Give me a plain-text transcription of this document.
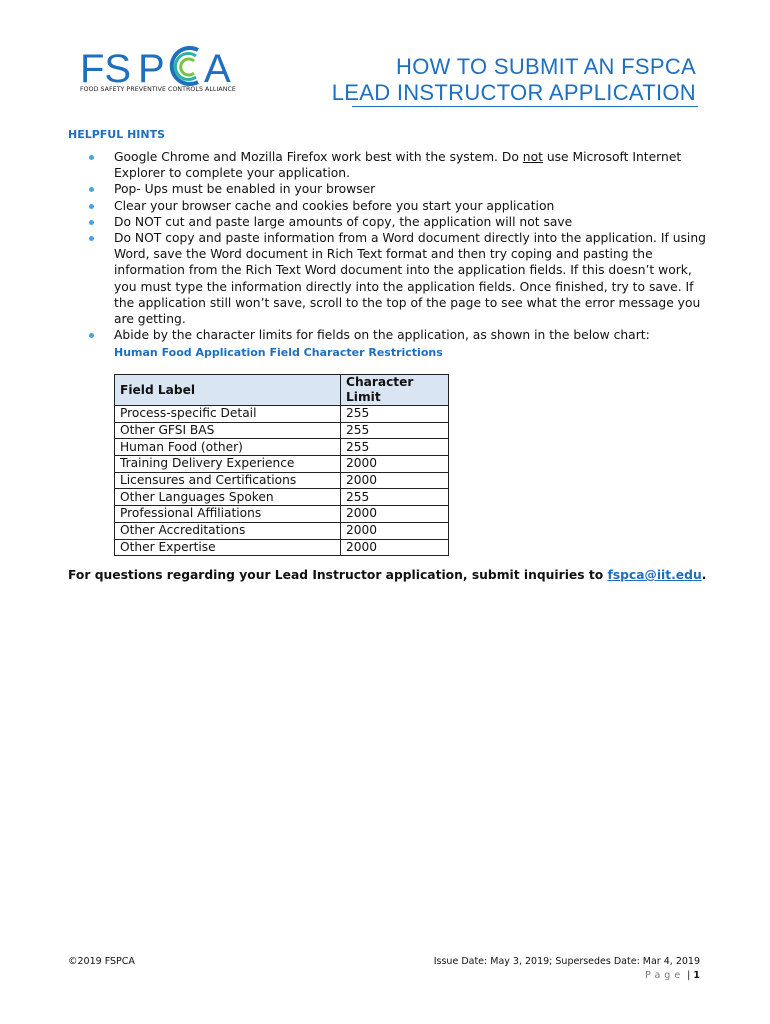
FS P A
FOOD SAFETY PREVENTIVE CONTROLS ALLIANCE
HOW TO SUBMIT AN FSPCA
LEAD INSTRUCTOR APPLICATION
HELPFUL HINTS
Google Chrome and Mozilla Firefox work best with the system. Do not use Microsoft Internet Explorer to complete your application.
Pop- Ups must be enabled in your browser
Clear your browser cache and cookies before you start your application
Do NOT cut and paste large amounts of copy, the application will not save
Do NOT copy and paste information from a Word document directly into the application. If using Word, save the Word document in Rich Text format and then try coping and pasting the information from the Rich Text Word document into the application fields. If this doesn’t work, you must type the information directly into the application fields. Once finished, try to save. If the application still won’t save, scroll to the top of the page to see what the error message you are getting.
Abide by the character limits for fields on the application, as shown in the below chart:
Human Food Application Field Character Restrictions
Field Label	Character Limit
Process-specific Detail	255
Other GFSI BAS	255
Human Food (other)	255
Training Delivery Experience	2000
Licensures and Certifications	2000
Other Languages Spoken	255
Professional Affiliations	2000
Other Accreditations	2000
Other Expertise	2000
For questions regarding your Lead Instructor application, submit inquiries to fspca@iit.edu.
©2019 FSPCA	Issue Date: May 3, 2019; Supersedes Date: Mar 4, 2019
Page | 1
